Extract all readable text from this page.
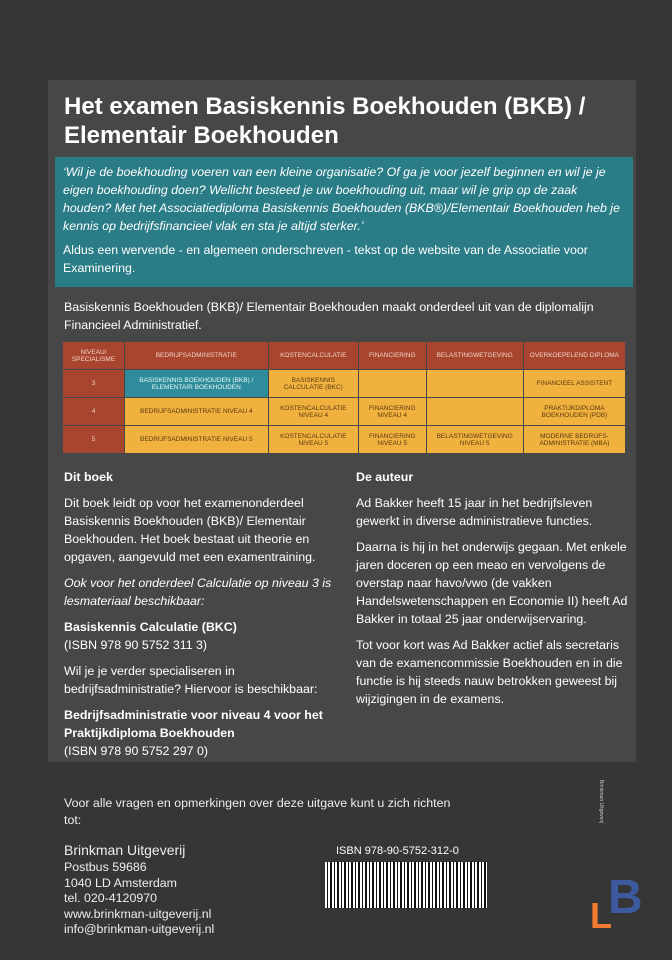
Het examen Basiskennis Boekhouden (BKB) / Elementair Boekhouden

‘Wil je de boekhouding voeren van een kleine organisatie? Of ga je voor jezelf beginnen en wil je je eigen boekhouding doen? Wellicht besteed je uw boekhouding uit, maar wil je grip op de zaak houden? Met het Associatiediploma Basiskennis Boekhouden (BKB®)/Elementair Boekhouden heb je kennis op bedrijfsfinancieel vlak en sta je altijd sterker.’

Aldus een wervende - en algemeen onderschreven - tekst op de website van de Associatie voor Examinering.

Basiskennis Boekhouden (BKB)/ Elementair Boekhouden maakt onderdeel uit van de diplomalijn Financieel Administratief.

NIVEAU/ SPECIALISME	BEDRIJFSADMINISTRATIE	KOSTENCALCULATIE	FINANCIERING	BELASTINGWETGEVING	OVERKOEPELEND DIPLOMA
3	BASISKENNIS BOEKHOUDEN (BKB) / ELEMENTAIR BOEKHOUDEN	BASISKENNIS CALCULATIE (BKC)			FINANCIEEL ASSISTENT
4	BEDRIJFSADMINISTRATIE NIVEAU 4	KOSTENCALCULATIE NIVEAU 4	FINANCIERING NIVEAU 4		PRAKTIJKDIPLOMA BOEKHOUDEN (PDB)
5	BEDRIJFSADMINISTRATIE NIVEAU 5	KOSTENCALCULATIE NIVEAU 5	FINANCIERING NIVEAU 5	BELASTINGWETGEVING NIVEAU 5	MODERNE BEDRIJFS-ADMINISTRATIE (MBA)
Dit boek

Dit boek leidt op voor het examenonderdeel Basiskennis Boekhouden (BKB)/ Elementair Boekhouden. Het boek bestaat uit theorie en opgaven, aangevuld met een examentraining.

Ook voor het onderdeel Calculatie op niveau 3 is lesmateriaal beschikbaar:

Basiskennis Calculatie (BKC)
(ISBN 978 90 5752 311 3)

Wil je je verder specialiseren in bedrijfsadministratie? Hiervoor is beschikbaar:

Bedrijfsadministratie voor niveau 4 voor het Praktijkdiploma Boekhouden
(ISBN 978 90 5752 297 0)

De auteur

Ad Bakker heeft 15 jaar in het bedrijfsleven gewerkt in diverse administratieve functies.

Daarna is hij in het onderwijs gegaan. Met enkele jaren doceren op een meao en vervolgens de overstap naar havo/vwo (de vakken Handelswetenschappen en Economie II) heeft Ad Bakker in totaal 25 jaar onderwijservaring.

Tot voor kort was Ad Bakker actief als secretaris van de examencommissie Boekhouden en in die functie is hij steeds nauw betrokken geweest bij wijzigingen in de examens.

Voor alle vragen en opmerkingen over deze uitgave kunt u zich richten tot:

Brinkman Uitgeverij
Postbus 59686
1040 LD Amsterdam
tel. 020-4120970
www.brinkman-uitgeverij.nl
info@brinkman-uitgeverij.nl
ISBN 978-90-5752-312-0
Brinkman Uitgeverij
B
L
